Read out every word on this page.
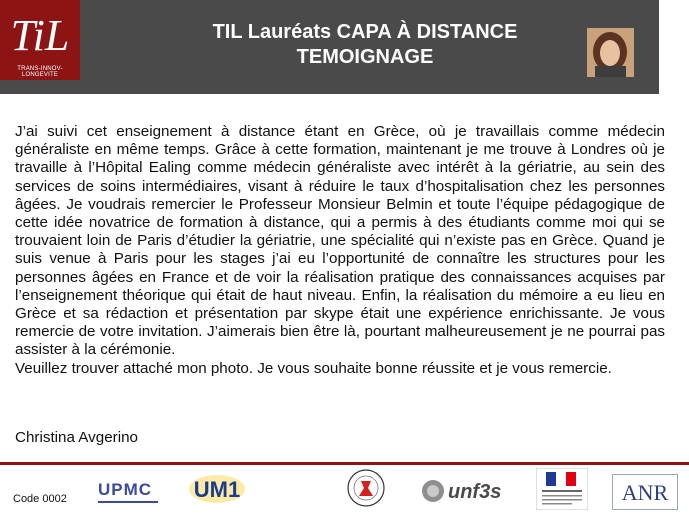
TiL
TRANS-INNOV-LONGEVITE
TIL Lauréats CAPA À DISTANCE
TEMOIGNAGE

J’ai suivi cet enseignement à distance étant en Grèce, où je travaillais comme médecin généraliste en même temps. Grâce à cette formation, maintenant je me trouve à Londres où je travaille à l’Hôpital Ealing comme médecin généraliste avec intérêt à la gériatrie, au sein des services de soins intermédiaires, visant à réduire le taux d’hospitalisation chez les personnes âgées. Je voudrais remercier le Professeur Monsieur Belmin et toute l’équipe pédagogique de cette idée novatrice de formation à distance, qui a permis à des étudiants comme moi qui se trouvaient loin de Paris d’étudier la gériatrie, une spécialité qui n’existe pas en Grèce. Quand je suis venue à Paris pour les stages j’ai eu l’opportunité de connaître les structures pour les personnes âgées en France et de voir la réalisation pratique des connaissances acquises par l’enseignement théorique qui était de haut niveau. Enfin, la réalisation du mémoire a eu lieu en Grèce et sa rédaction et présentation par skype était une expérience enrichissante. Je vous remercie de votre invitation. J’aimerais bien être là, pourtant malheureusement je ne pourrai pas assister à la cérémonie.

Veuillez trouver attaché mon photo. Je vous souhaite bonne réussite et je vous remercie.

Christina Avgerino
Code 0002 UPMC UM1	unf3s	ANR
